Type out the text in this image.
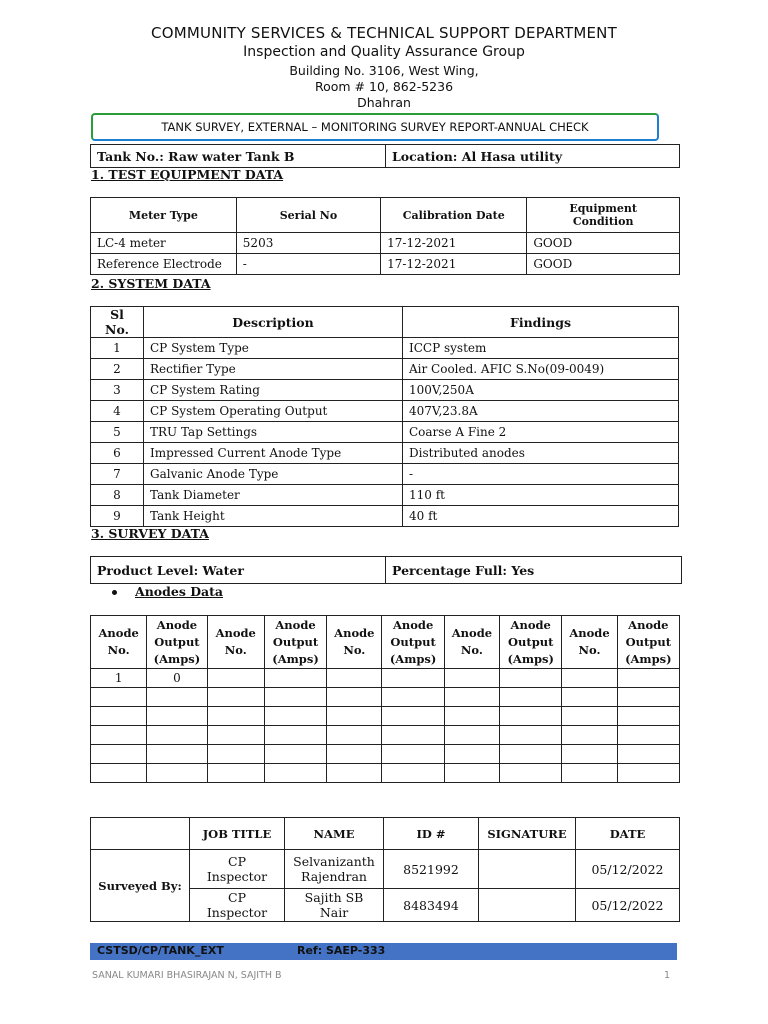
COMMUNITY SERVICES & TECHNICAL SUPPORT DEPARTMENT
Inspection and Quality Assurance Group
Building No. 3106, West Wing,
Room # 10, 862-5236
Dhahran
TANK SURVEY, EXTERNAL – MONITORING SURVEY REPORT-ANNUAL CHECK
Tank No.: Raw water Tank B	Location: Al Hasa utility
1. TEST EQUIPMENT DATA
Meter Type	Serial No	Calibration Date	Equipment Condition
LC-4 meter	5203	17-12-2021	GOOD
Reference Electrode	-	17-12-2021	GOOD
2. SYSTEM DATA
Sl No.	Description	Findings
1	CP System Type	ICCP system
2	Rectifier Type	Air Cooled. AFIC S.No(09-0049)
3	CP System Rating	100V,250A
4	CP System Operating Output	407V,23.8A
5	TRU Tap Settings	Coarse A Fine 2
6	Impressed Current Anode Type	Distributed anodes
7	Galvanic Anode Type	-
8	Tank Diameter	110 ft
9	Tank Height	40 ft
3. SURVEY DATA
Product Level: Water	Percentage Full: Yes
Anodes Data
Anode No.	Anode Output (Amps)	Anode No.	Anode Output (Amps)	Anode No.	Anode Output (Amps)	Anode No.	Anode Output (Amps)	Anode No.	Anode Output (Amps)
1	0								

	JOB TITLE	NAME	ID #	SIGNATURE	DATE
Surveyed By:	CP Inspector	Selvanizanth Rajendran	8521992		05/12/2022
	CP Inspector	Sajith SB Nair	8483494		05/12/2022
CSTSD/CP/TANK_EXT	Ref: SAEP-333
SANAL KUMARI BHASIRAJAN N, SAJITH B	1
